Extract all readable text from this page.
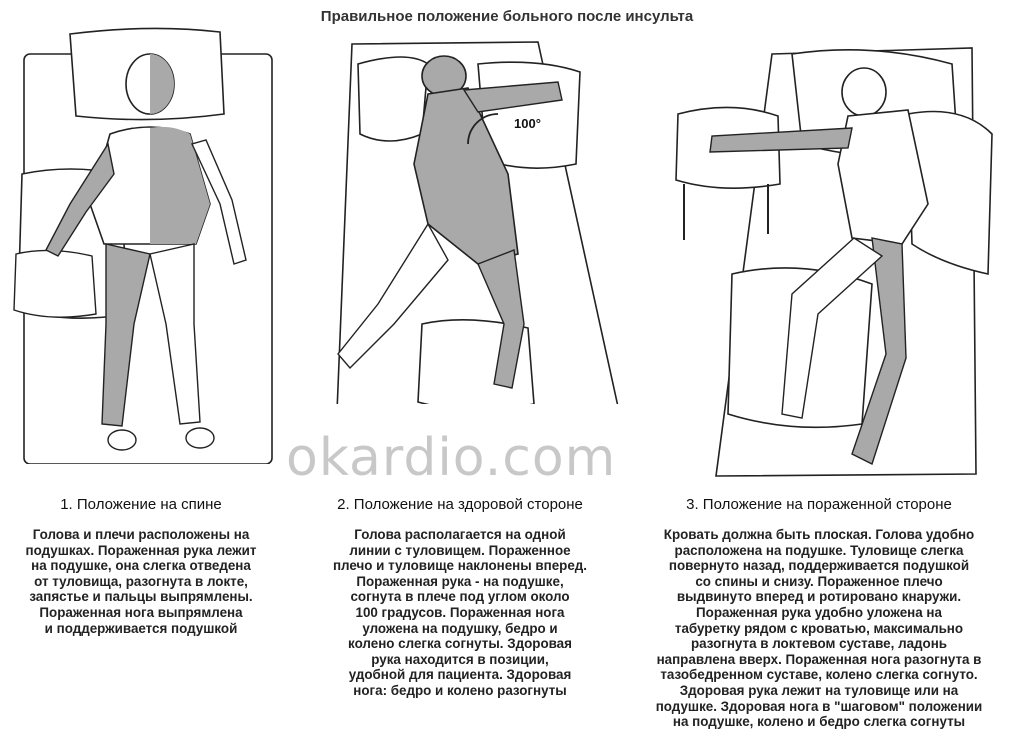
Правильное положение больного после инсульта
100°
okardio.com
1. Положение на спине

Голова и плечи расположены на
подушках. Пораженная рука лежит
на подушке, она слегка отведена
от туловища, разогнута в локте,
запястье и пальцы выпрямлены.
Пораженная нога выпрямлена
и поддерживается подушкой

2. Положение на здоровой стороне

Голова располагается на одной
линии с туловищем. Пораженное
плечо и туловище наклонены вперед.
Пораженная рука - на подушке,
согнута в плече под углом около
100 градусов. Пораженная нога
уложена на подушку, бедро и
колено слегка согнуты. Здоровая
рука находится в позиции,
удобной для пациента. Здоровая
нога: бедро и колено разогнуты

3. Положение на пораженной стороне

Кровать должна быть плоская. Голова удобно
расположена на подушке. Туловище слегка
повернуто назад, поддерживается подушкой
со спины и снизу. Пораженное плечо
выдвинуто вперед и ротировано кнаружи.
Пораженная рука удобно уложена на
табуретку рядом с кроватью, максимально
разогнута в локтевом суставе, ладонь
направлена вверх. Пораженная нога разогнута в
тазобедренном суставе, колено слегка согнуто.
Здоровая рука лежит на туловище или на
подушке. Здоровая нога в "шаговом" положении
на подушке, колено и бедро слегка согнуты
